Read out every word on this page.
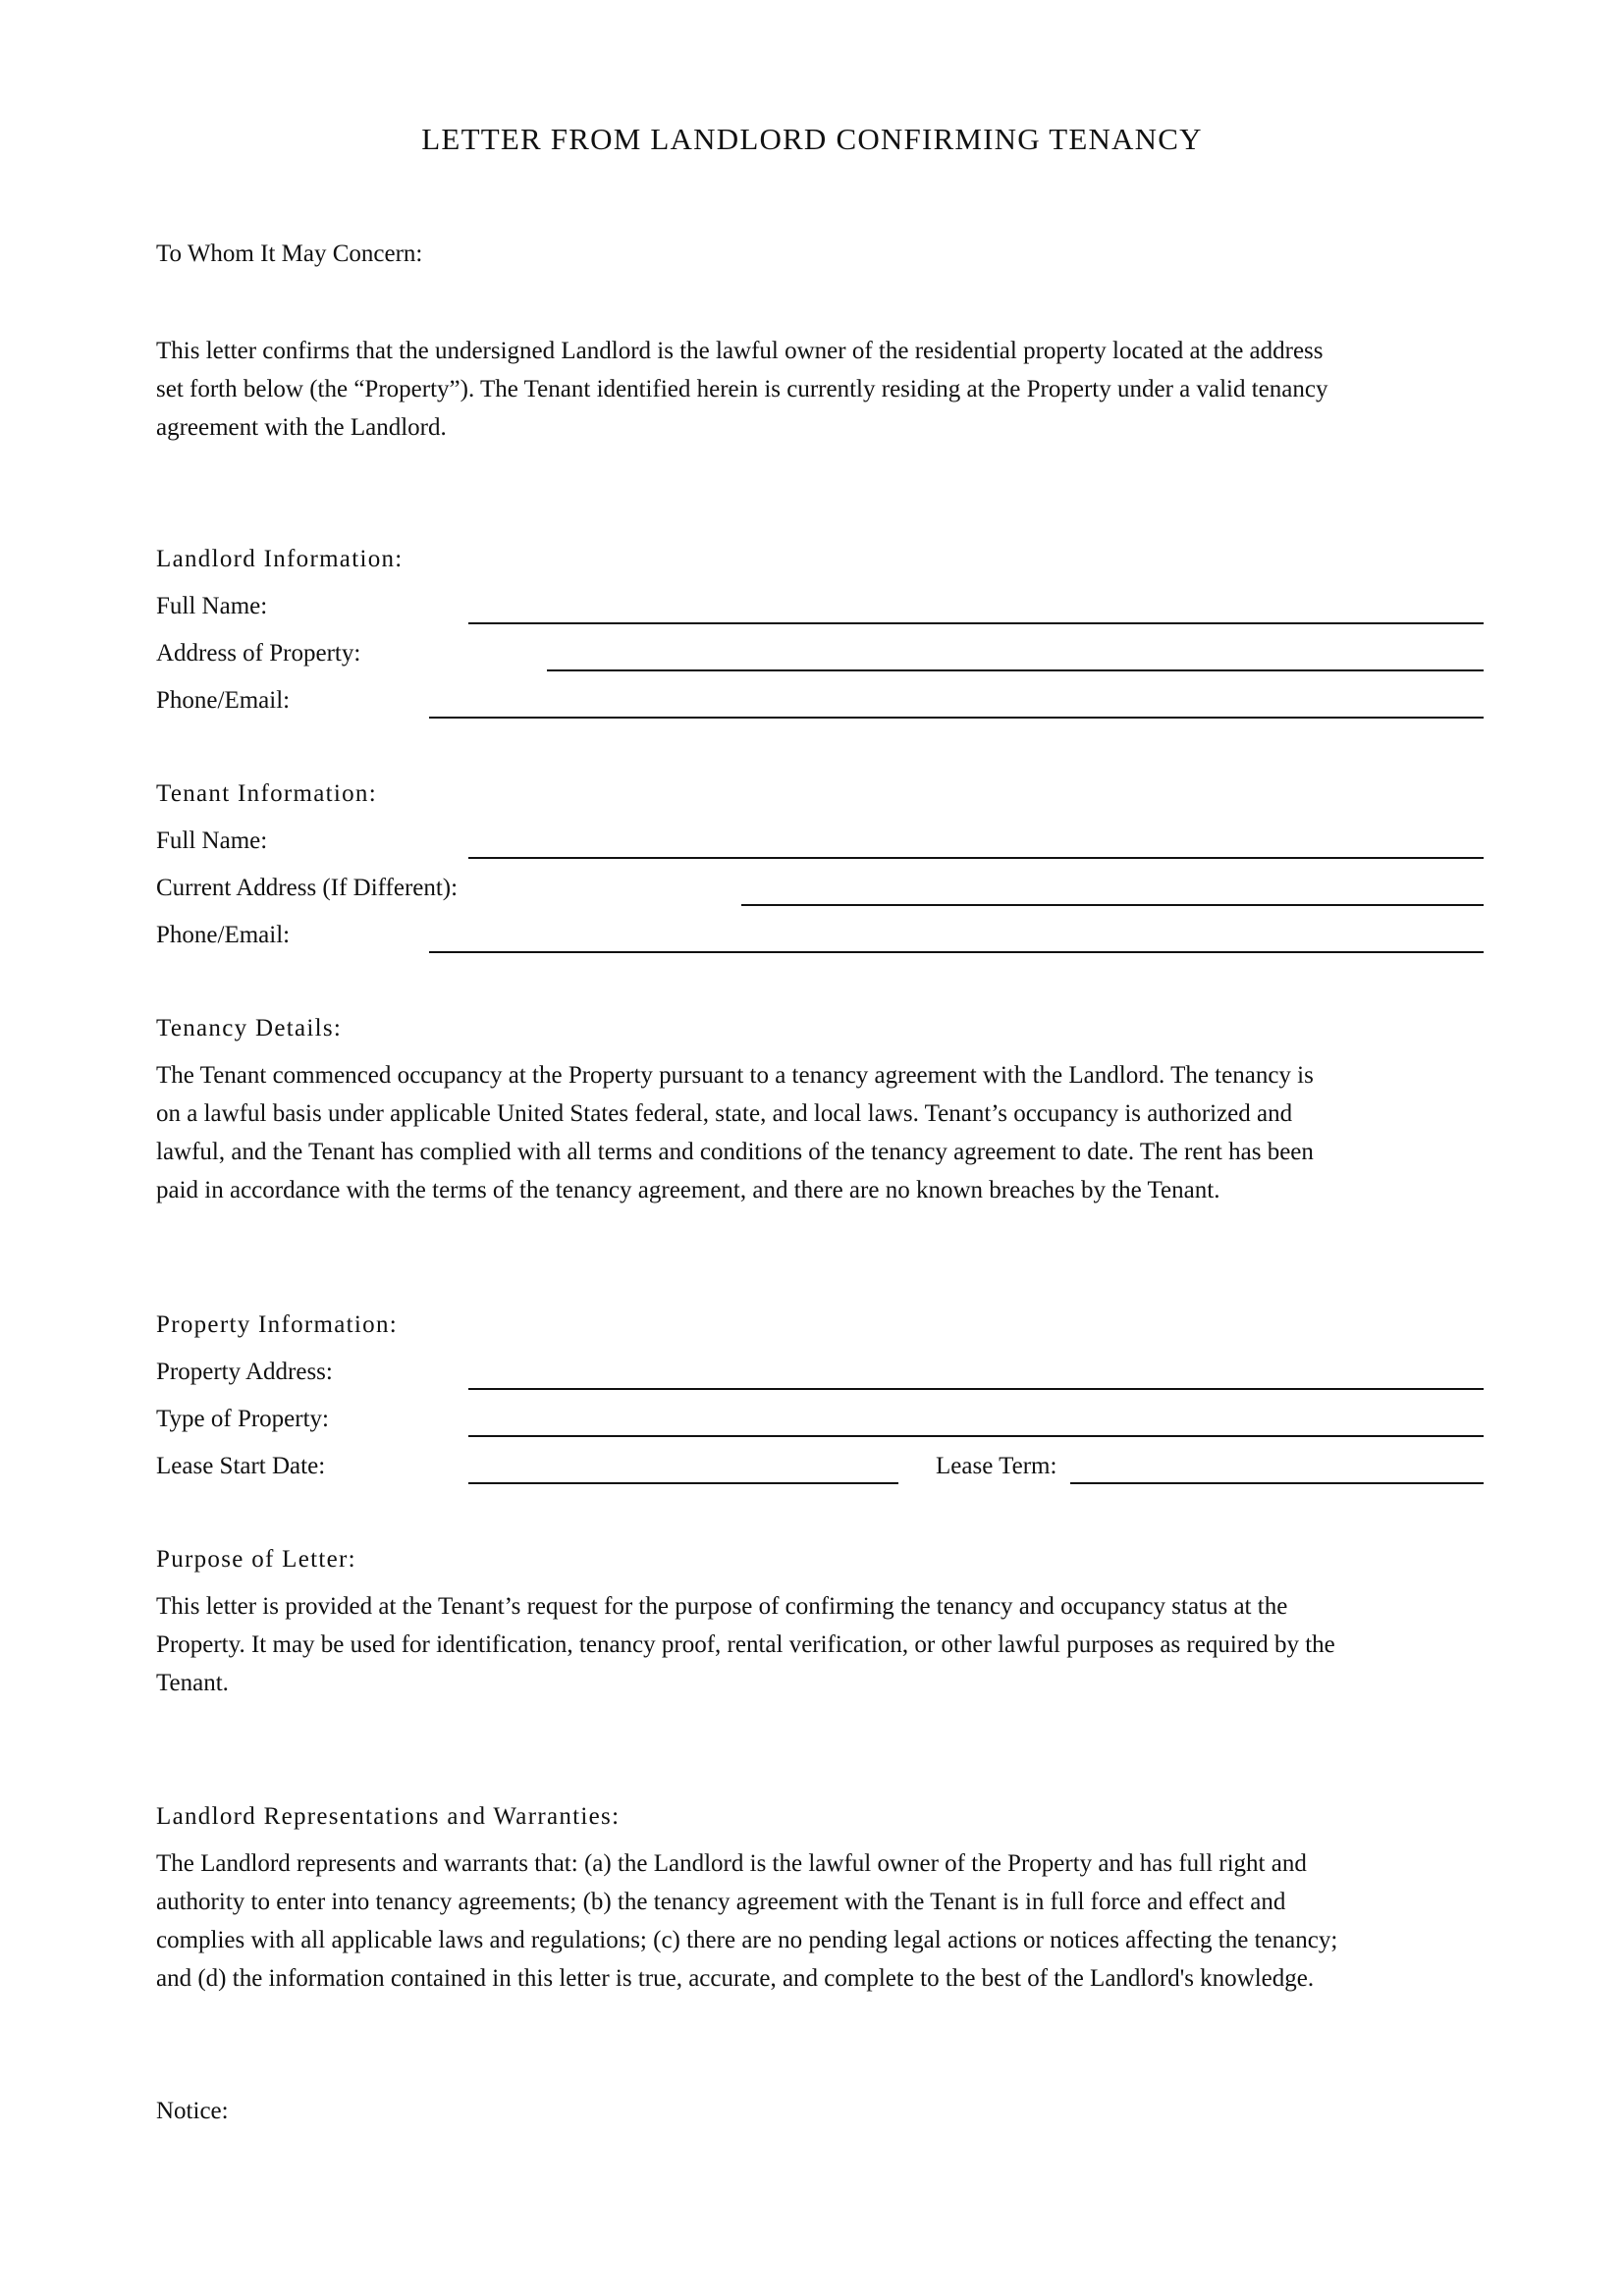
LETTER FROM LANDLORD CONFIRMING TENANCY
To Whom It May Concern:
This letter confirms that the undersigned Landlord is the lawful owner of the residential property located at the address
set forth below (the “Property”). The Tenant identified herein is currently residing at the Property under a valid tenancy
agreement with the Landlord.
Landlord Information:
Full Name:
Address of Property:
Phone/Email:
Tenant Information:
Full Name:
Current Address (If Different):
Phone/Email:
Tenancy Details:
The Tenant commenced occupancy at the Property pursuant to a tenancy agreement with the Landlord. The tenancy is
on a lawful basis under applicable United States federal, state, and local laws. Tenant’s occupancy is authorized and
lawful, and the Tenant has complied with all terms and conditions of the tenancy agreement to date. The rent has been
paid in accordance with the terms of the tenancy agreement, and there are no known breaches by the Tenant.
Property Information:
Property Address:
Type of Property:
Lease Start Date:	Lease Term:
Purpose of Letter:
This letter is provided at the Tenant’s request for the purpose of confirming the tenancy and occupancy status at the
Property. It may be used for identification, tenancy proof, rental verification, or other lawful purposes as required by the
Tenant.
Landlord Representations and Warranties:
The Landlord represents and warrants that: (a) the Landlord is the lawful owner of the Property and has full right and
authority to enter into tenancy agreements; (b) the tenancy agreement with the Tenant is in full force and effect and
complies with all applicable laws and regulations; (c) there are no pending legal actions or notices affecting the tenancy;
and (d) the information contained in this letter is true, accurate, and complete to the best of the Landlord's knowledge.
Notice:
